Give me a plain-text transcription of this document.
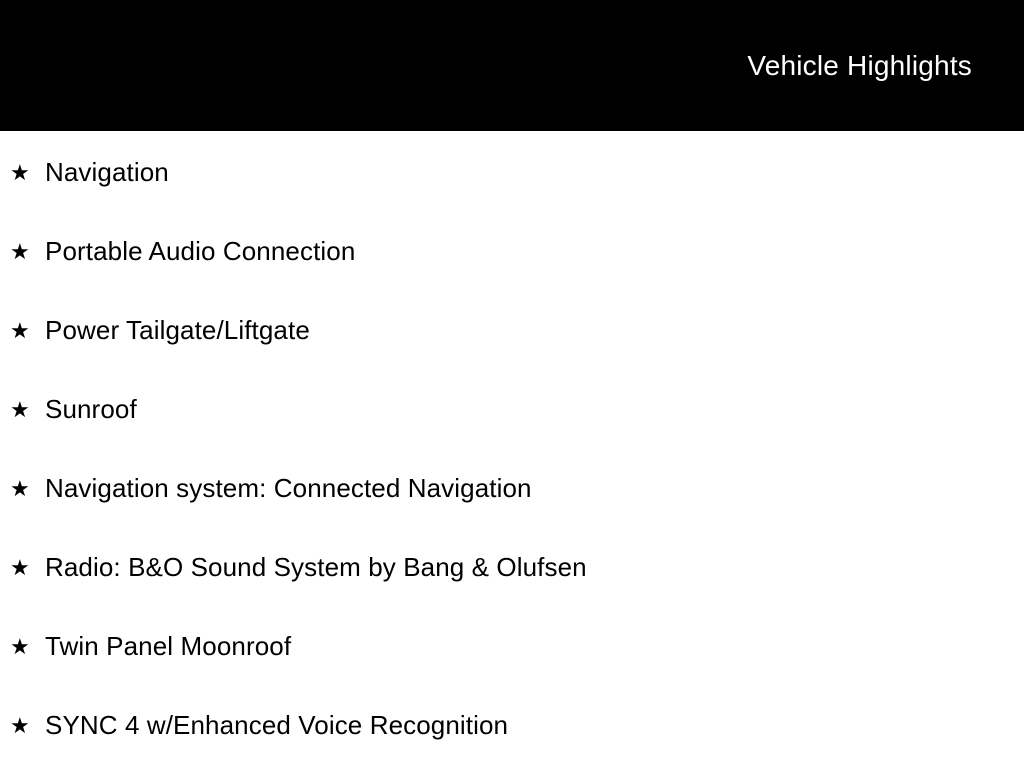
Vehicle Highlights
★ Navigation
★ Portable Audio Connection
★ Power Tailgate/Liftgate
★ Sunroof
★ Navigation system: Connected Navigation
★ Radio: B&O Sound System by Bang & Olufsen
★ Twin Panel Moonroof
★ SYNC 4 w/Enhanced Voice Recognition
